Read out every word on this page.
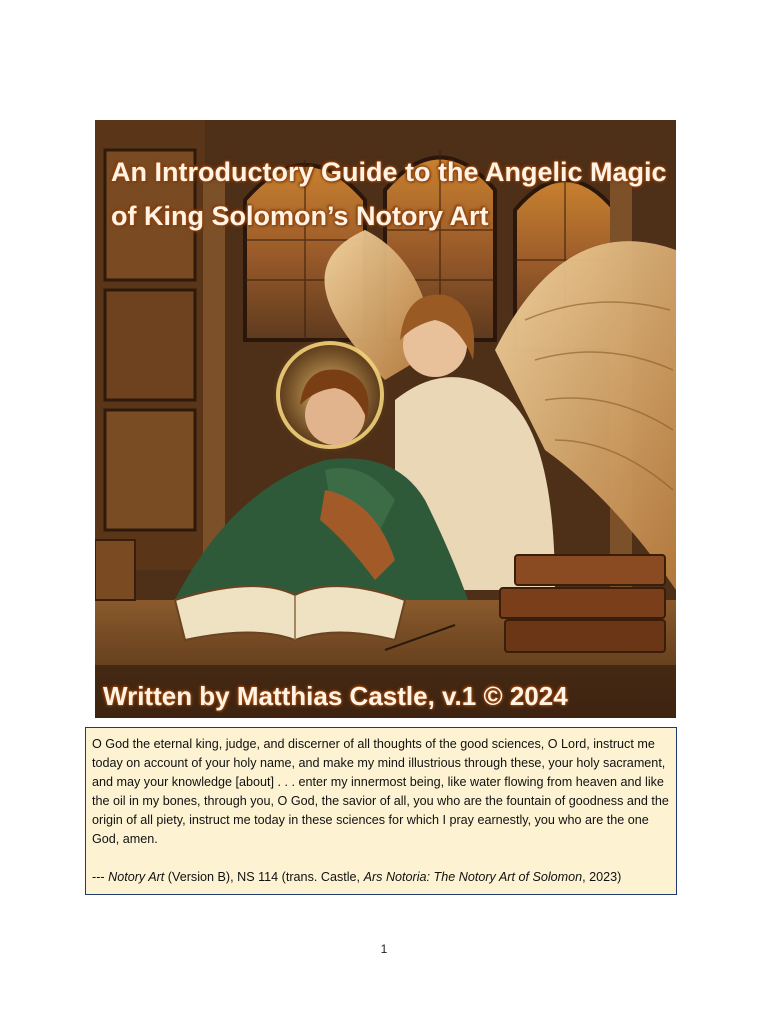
An Introductory Guide to the Angelic Magic of King Solomon’s Notory Art
Written by Matthias Castle, v.1 © 2024

O God the eternal king, judge, and discerner of all thoughts of the good sciences, O Lord, instruct me today on account of your holy name, and make my mind illustrious through these, your holy sacrament, and may your knowledge [about] . . . enter my innermost being, like water flowing from heaven and like the oil in my bones, through you, O God, the savior of all, you who are the fountain of goodness and the origin of all piety, instruct me today in these sciences for which I pray earnestly, you who are the one God, amen.

--- Notory Art (Version B), NS 114 (trans. Castle, Ars Notoria: The Notory Art of Solomon, 2023)

1
